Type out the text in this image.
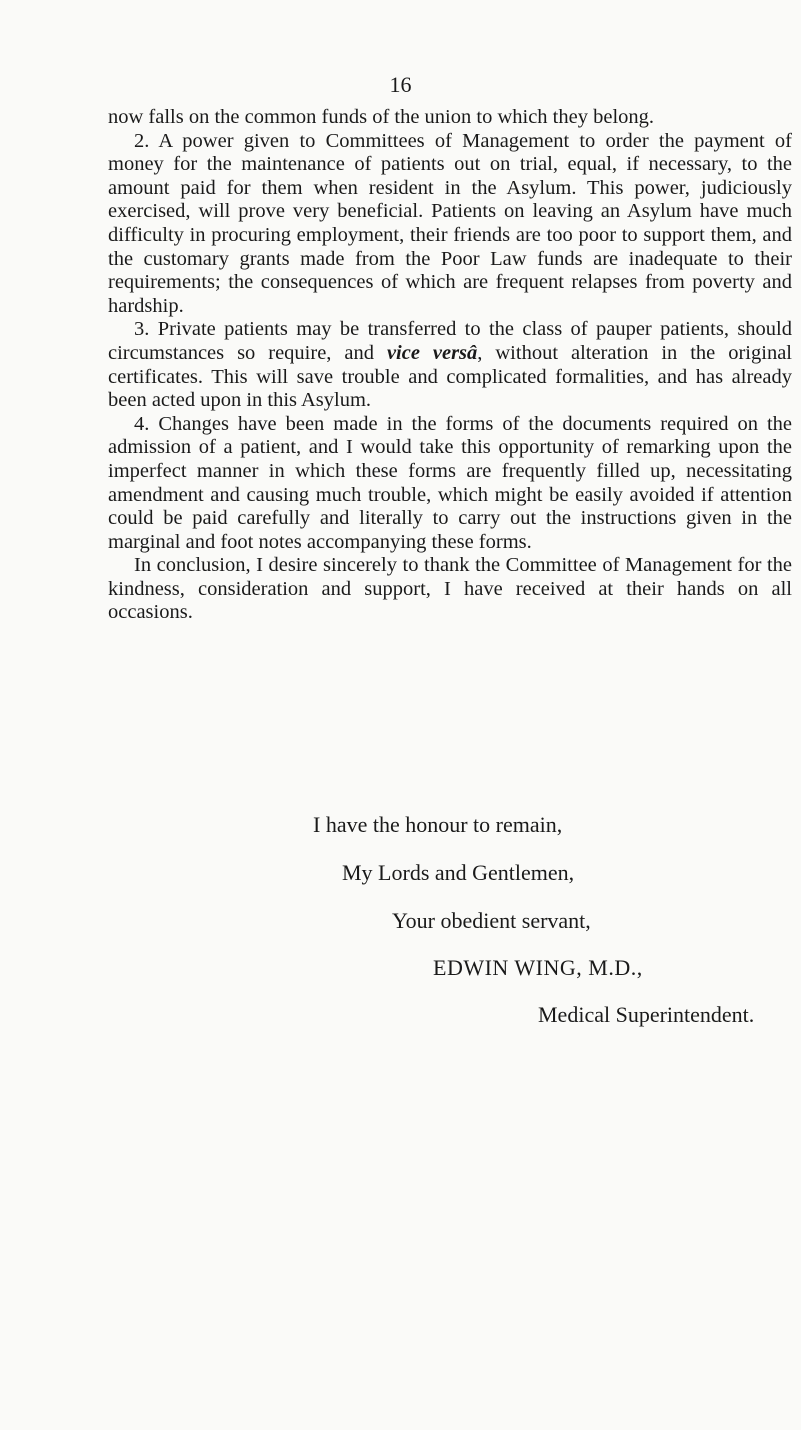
16

now falls on the common funds of the union to which they belong.

2. A power given to Committees of Management to order the payment of money for the maintenance of patients out on trial, equal, if necessary, to the amount paid for them when resident in the Asylum. This power, judiciously exercised, will prove very beneficial. Patients on leaving an Asylum have much difficulty in procuring employment, their friends are too poor to support them, and the customary grants made from the Poor Law funds are inadequate to their requirements; the consequences of which are frequent relapses from poverty and hardship.

3. Private patients may be transferred to the class of pauper patients, should circumstances so require, and vice versâ, without alteration in the original certificates. This will save trouble and complicated formalities, and has already been acted upon in this Asylum.

4. Changes have been made in the forms of the documents required on the admission of a patient, and I would take this opportunity of remarking upon the imperfect manner in which these forms are frequently filled up, necessitating amendment and causing much trouble, which might be easily avoided if attention could be paid carefully and literally to carry out the instructions given in the marginal and foot notes accompanying these forms.

In conclusion, I desire sincerely to thank the Committee of Management for the kindness, consideration and support, I have received at their hands on all occasions.

I have the honour to remain,
My Lords and Gentlemen,
Your obedient servant,
EDWIN WING, M.D.,
Medical Superintendent.
